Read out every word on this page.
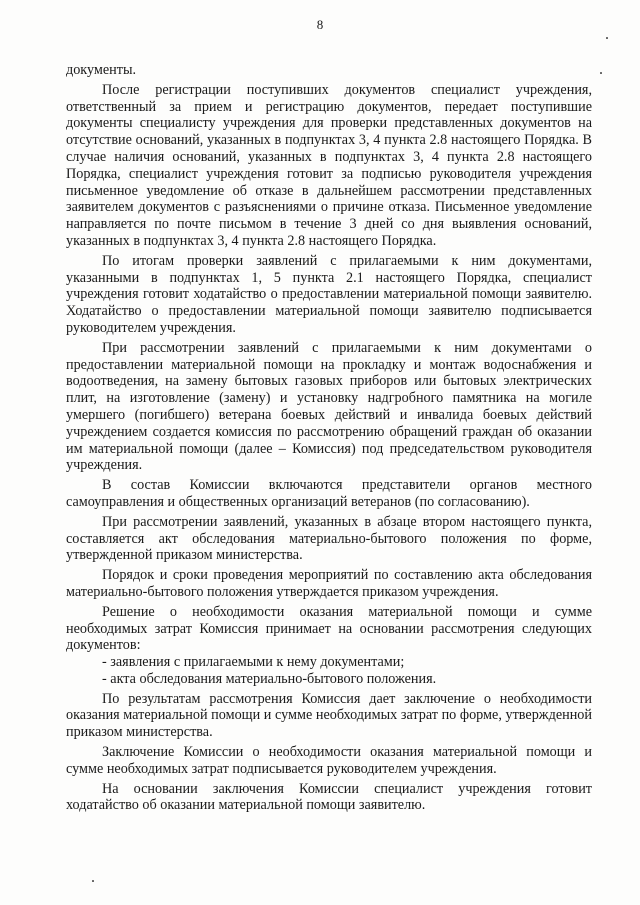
8

документы.

После регистрации поступивших документов специалист учреждения, ответственный за прием и регистрацию документов, передает поступившие документы специалисту учреждения для проверки представленных документов на отсутствие оснований, указанных в подпунктах 3, 4 пункта 2.8 настоящего Порядка. В случае наличия оснований, указанных в подпунктах 3, 4 пункта 2.8 настоящего Порядка, специалист учреждения готовит за подписью руководителя учреждения письменное уведомление об отказе в дальнейшем рассмотрении представленных заявителем документов с разъяснениями о причине отказа. Письменное уведомление направляется по почте письмом в течение 3 дней со дня выявления оснований, указанных в подпунктах 3, 4 пункта 2.8 настоящего Порядка.

По итогам проверки заявлений с прилагаемыми к ним документами, указанными в подпунктах 1, 5 пункта 2.1 настоящего Порядка, специалист учреждения готовит ходатайство о предоставлении материальной помощи заявителю. Ходатайство о предоставлении материальной помощи заявителю подписывается руководителем учреждения.

При рассмотрении заявлений с прилагаемыми к ним документами о предоставлении материальной помощи на прокладку и монтаж водоснабжения и водоотведения, на замену бытовых газовых приборов или бытовых электрических плит, на изготовление (замену) и установку надгробного памятника на могиле умершего (погибшего) ветерана боевых действий и инвалида боевых действий учреждением создается комиссия по рассмотрению обращений граждан об оказании им материальной помощи (далее – Комиссия) под председательством руководителя учреждения.

В состав Комиссии включаются представители органов местного самоуправления и общественных организаций ветеранов (по согласованию).

При рассмотрении заявлений, указанных в абзаце втором настоящего пункта, составляется акт обследования материально-бытового положения по форме, утвержденной приказом министерства.

Порядок и сроки проведения мероприятий по составлению акта обследования материально-бытового положения утверждается приказом учреждения.

Решение о необходимости оказания материальной помощи и сумме необходимых затрат Комиссия принимает на основании рассмотрения следующих документов:

- заявления с прилагаемыми к нему документами;

- акта обследования материально-бытового положения.

По результатам рассмотрения Комиссия дает заключение о необходимости оказания материальной помощи и сумме необходимых затрат по форме, утвержденной приказом министерства.

Заключение Комиссии о необходимости оказания материальной помощи и сумме необходимых затрат подписывается руководителем учреждения.

На основании заключения Комиссии специалист учреждения готовит ходатайство об оказании материальной помощи заявителю.
